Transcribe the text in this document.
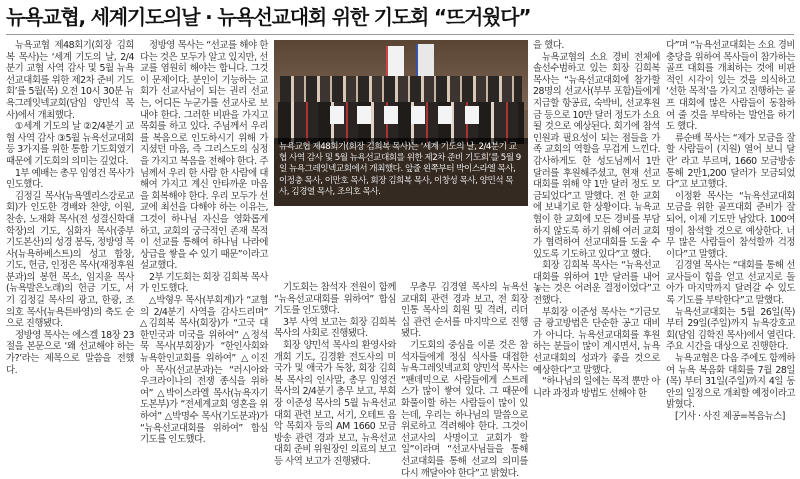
뉴욕교협, 세계기도의날 · 뉴욕선교대회 위한 기도회 “뜨거웠다”

뉴욕교협 제48회기(회장 김희복 목사)는 ‘세계 기도의 날, 2/4분기 교협 사역 감사 및 5월 뉴욕선교대회를 위한 제2차 준비 기도회’를 5월(목) 오전 10시 30분 뉴욕그레잇넥교회(담임 양민석 목사)에서 개최했다.

①세계 기도의 날 ②2/4분기 교협 사역 감사 ③5월 뉴욕선교대회 등 3가지를 위한 통합 기도회였기 때문에 기도회의 의미는 깊었다.

1부 예배는 총무 임영건 목사가 인도했다.

김정길 목사(뉴욕엘리스강로교회)가 인도한 경배와 찬양, 이원, 찬송, 노재화 목사(전 성결신학대학장)의 기도, 심화자 목사(중부기도본산)의 성경 봉독, 정방영 목사(뉴욕하베스트)의 성고 합창, 기도, 헌금, 인정은 목사(재정후원분과)의 봉헌 목소, 임지윤 목사(뉴욕발은노래)의 헌금 기도, 서기 김정길 목사의 광고, 한광, 조의호 목사(뉴욕튼바영)의 축도 순으로 진행됐다.

정방영 목사는 에스겔 18장 23절을 본문으로 ‘왜 선교해야 하는가?’라는 제목으로 말씀을 전했다.

정방영 목사는 “선교를 해야 한다는 것은 모두가 알고 있지만, 선교를 염원히 해야는 합니다. 그것이 문제이다. 분인이 기능하는 교회가 선교사님이 되는 권리 선교는, 어디든 누군가를 선교사로 보내야 한다. 그러한 비판을 가지고 목회를 하고 있다. 주님께서 우리를 복음으로 인도하시기 위해 가지셨던 마음, 즉 그리스도의 심정을 가지고 복음을 전해야 한다. 주님께서 우리 한 사람 한 사람에 대해여 가지고 계신 안타까운 마음을 회복해야 한다. 우리 모두가 선교에 최선을 다해야 하는 이유는, 그것이 하나님 자신을 영화롭게 하고, 교회의 궁극적인 존재 목적이 선교를 통해여 하나님 나라에 상급을 쌓을 수 있기 때문”이라고 설교했다.

2부 기도회는 회장 김희복 목사가 인도했다.

△박형우 목사(부회계)가 “교협의 2/4분기 사역을 감사드리며” △김희복 목사(회장)가 “고국 대한민국과 미국을 위하여” △정석묵 목사(부회장)가 “한인사회와 뉴욕한인교회를 위하여” △이진아 목사(선교분과)는 “러시아와 우크라이나의 전쟁 종식을 위하여” △박이스라엘 목사(뉴욕자기도본부)가 “전세계교회 영혼을 위하여” △박명수 목사(기도분과)가 “뉴욕선교대회를 위하여” 합심 기도를 인도했다.

뉴욕교협 제48회기(회장 김희복 목사)는 ‘세계 기도의 날, 2/4분기 교협 사역 감사 및 5월 뉴욕선교대회를 위한 제2차 준비 기도회’를 5월 9일 뉴욕그레잇넥교회에서 개최했다. 앞줄 왼쪽부터 박이스라엘 목사, 이정충 목사, 이만호 목사, 회장 김희복 목사, 이창성 목사, 양민석 목사, 김경열 목사, 조의호 목사.

기도회는 참석자 전원이 함께 “뉴욕선교대회를 위하여” 합심 기도를 인도했다.

3부 사역 보고는 회장 김희복 목사의 사회로 진행됐다.

회장 양민석 목사의 환영사와 개회 기도, 김경환 전도사의 미국가 및 애국가 독창, 회장 김희복 목사의 인사말, 총무 임영건 목사의 2/4분기 총무 보고, 부회장 이준성 목사의 5월 뉴욕선교대회 관련 보고, 서기, 오테트 음악 목회자 등의 AM 1660 모금 방송 관련 경과 보고, 뉴욕선교대회 준비 위원장인 의료의 보고 등 사역 보고가 진행됐다.

무총무 김경열 목사의 뉴욕선교대회 관련 경과 보고, 전 회장 인통 목사의 회원 및 격려, 리더십 관련 순서를 마지막으로 진행됐다.

기도회의 중심을 이룬 것은 참석자들에게 정심 식사를 대접한 뉴욕그레잇넥교회 양민석 목사는 “팬데믹으로 사람들에게 스트레스가 많이 쌓여 있다. 그 때문에 화풀이할 하는 사람들이 많이 있는데, 우리는 하나님의 말씀으로 위로하고 격려해야 한다. 그것이 선교사의 사명이고 교회가 할 일”이라며 “선교사님들을 통해 선교대회를 통해 선교의 의미를 다시 깨달아야 한다”고 밝혔다.

을 했다.

뉴욕교협의 소요 경비 전체에 솔선수범하고 있는 회장 김희복 목사는 “뉴욕선교대회에 참가할 28명의 선교사(부부 포함)들에게 지급할 항공료, 숙박비, 선교후원금 등으로 10만 달러 정도가 소요될 것으로 예상된다. 회기에 참석인원과 필요성이 되는 점들을 가족 교회의 역할을 무겁게 느낀다. 감사하게도 한 성도님께서 1만 달러를 후원해주셨고, 현재 선교대회를 위해 약 1만 달러 정도 모금되었다”고 말했다. 전 한 교회에 보내기로 한 상황이다. 뉴욕교협이 한 교회에 모든 경비를 부담하지 않도록 하기 위해 여러 교회가 협력하여 선교대회를 도울 수 있도록 기도하고 있다”고 했다.

회장 김희복 목사는 “뉴욕선교대회를 위하여 1만 달러를 내어놓는 것은 어려운 결정이었다”고 전했다.

부회장 이준성 목사는 “기금모금 광고방법은 단순한 공고 대비가 아니다. 뉴욕선교대회를 후원하는 분들이 많이 계시면서, 뉴욕선교대회의 성과가 좋을 것으로 예상한다”고 말했다.

“하나님의 일에는 목적 뿐만 아니라 과정과 방법도 선해야 한

다”며 “뉴욕선교대회는 소요 경비 충당을 위하여 목사들이 참가하는 골프 대회를 개최하는 것에 비판적인 시각이 있는 것을 의식하고 ‘선한 목적’을 가지고 진행하는 골프 대회에 많은 사람들이 동참하여 줄 것을 부탁하는 발언을 하기도 했다.

류순배 목사는 “제가 모금을 잘 할 사람들이 (지원) 열어 보니 달란’ 라고 부르며, 1660 모금방송 통해 2만1,200 달러가 모금되었다”고 보고했다.

이정환 목사는 “뉴욕선교대회 모금을 위한 골프대회 준비가 잘 되어, 이제 기도만 남았다. 100여 명이 참석할 것으로 예상한다. 너무 많은 사람들이 참석할까 걱정이다”고 말했다.

김경열 목사는 “대회를 통해 선교사들이 힘을 얻고 선교지로 돌아가 마지막까지 달려갈 수 있도록 기도를 부탁한다”고 말했다.

뉴욕선교대회는 5월 26일(목) 부터 29일(주일)까지 뉴욕강호교회(담임 김학진 목사)에서 열린다. 주요 시간을 대상으로 진행한다.

뉴욕교협은 다음 주에도 함께하여 뉴욕 복음화 대회를 7월 28일(목) 부터 31일(주일)까지 4일 동안의 일정으로 개최할 예정이라고 밝혔다.

[기사 · 사진 제공=복음뉴스]
